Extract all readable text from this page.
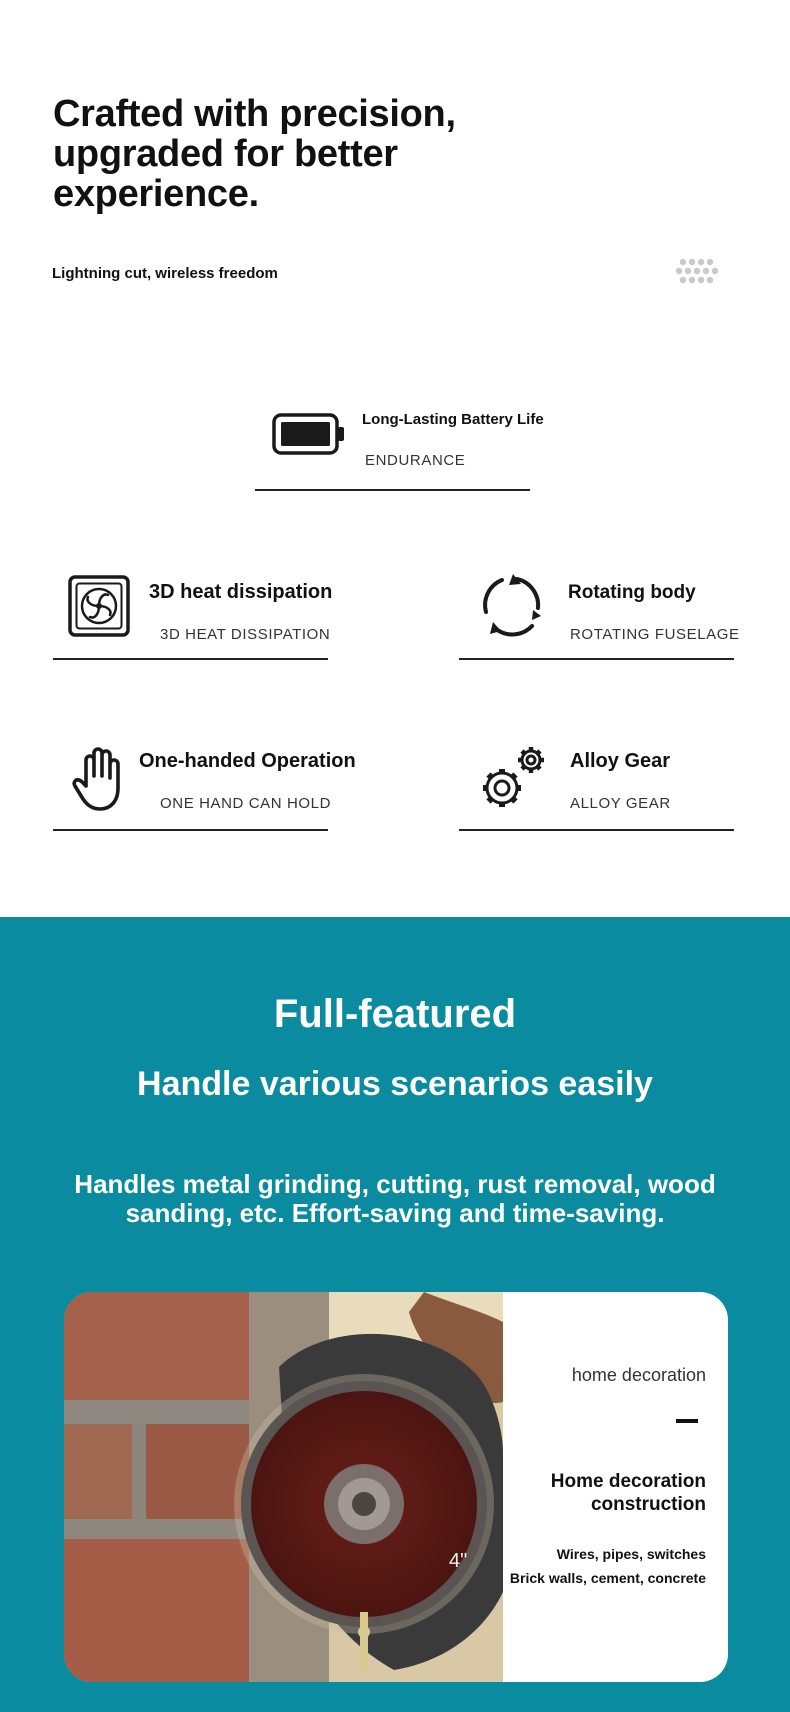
Crafted with precision,
upgraded for better
experience.
Lightning cut, wireless freedom
Long-Lasting Battery Life
ENDURANCE
3D heat dissipation
3D HEAT DISSIPATION
Rotating body
ROTATING FUSELAGE
One-handed Operation
ONE HAND CAN HOLD
Alloy Gear
ALLOY GEAR
Full-featured
Handle various scenarios easily
Handles metal grinding, cutting, rust removal, wood sanding, etc. Effort-saving and time-saving.
4"
home decoration
Home decoration
construction
Wires, pipes, switches
Brick walls, cement, concrete
